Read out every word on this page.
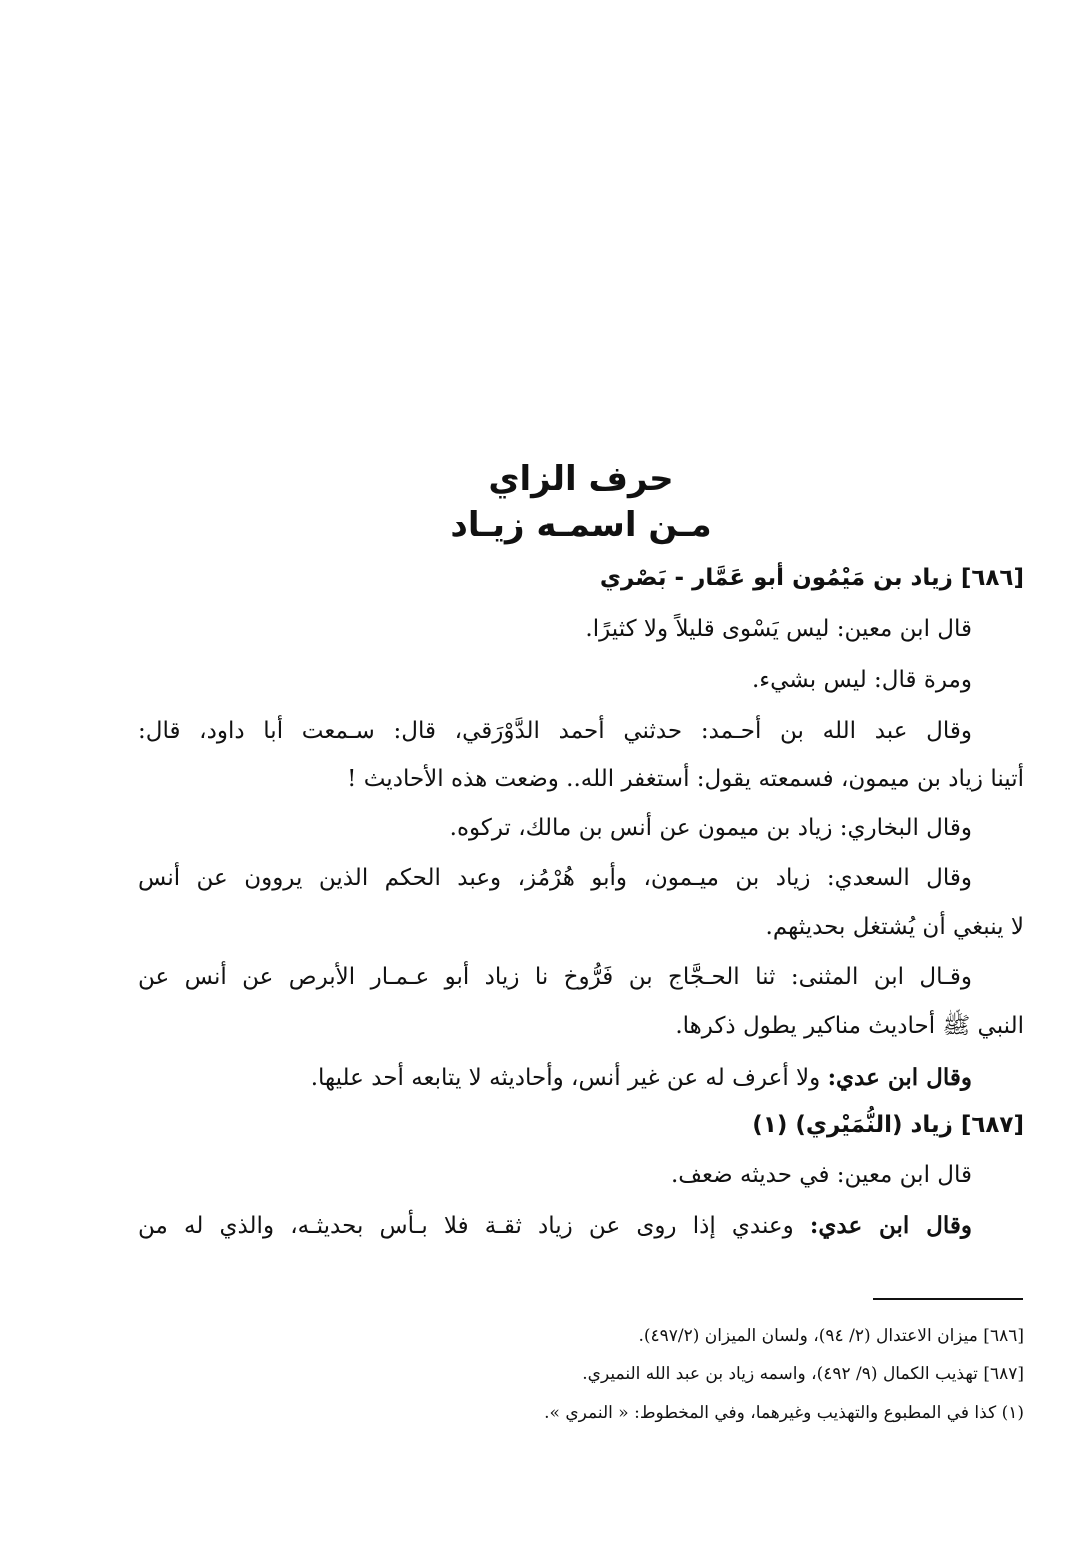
حرف الزاي
مـن اسمـه زيـاد
[٦٨٦] زياد بن مَيْمُون أبو عَمَّار - بَصْري
قال ابن معين: ليس يَسْوى قليلاً ولا كثيرًا.
ومرة قال: ليس بشيء.
وقال عبد الله بن أحـمد: حدثني أحمد الدَّوْرَقي، قال: سـمعت أبا داود، قال:
أتينا زياد بن ميمون، فسمعته يقول: أستغفر الله.. وضعت هذه الأحاديث !
وقال البخاري: زياد بن ميمون عن أنس بن مالك، تركوه.
وقال السعدي: زياد بن ميـمون، وأبو هُرْمُز، وعبد الحكم الذين يروون عن أنس
لا ينبغي أن يُشتغل بحديثهم.
وقـال ابن المثنى: ثنا الحـجَّاج بن فَرُّوخ نا زياد أبو عـمـار الأبرص عن أنس عن
النبي ﷺ أحاديث مناكير يطول ذكرها.
وقال ابن عدي: ولا أعرف له عن غير أنس، وأحاديثه لا يتابعه أحد عليها.
[٦٨٧] زياد (النُّمَيْري) (١)
قال ابن معين: في حديثه ضعف.
وقال ابن عدي: وعندي إذا روى عن زياد ثقـة فلا بـأس بحديثـه، والذي له من
[٦٨٦] ميزان الاعتدال (٢/ ٩٤)، ولسان الميزان (٤٩٧/٢).
[٦٨٧] تهذيب الكمال (٩/ ٤٩٢)، واسمه زياد بن عبد الله النميري.
(١) كذا في المطبوع والتهذيب وغيرهما، وفي المخطوط: « النمري ».
